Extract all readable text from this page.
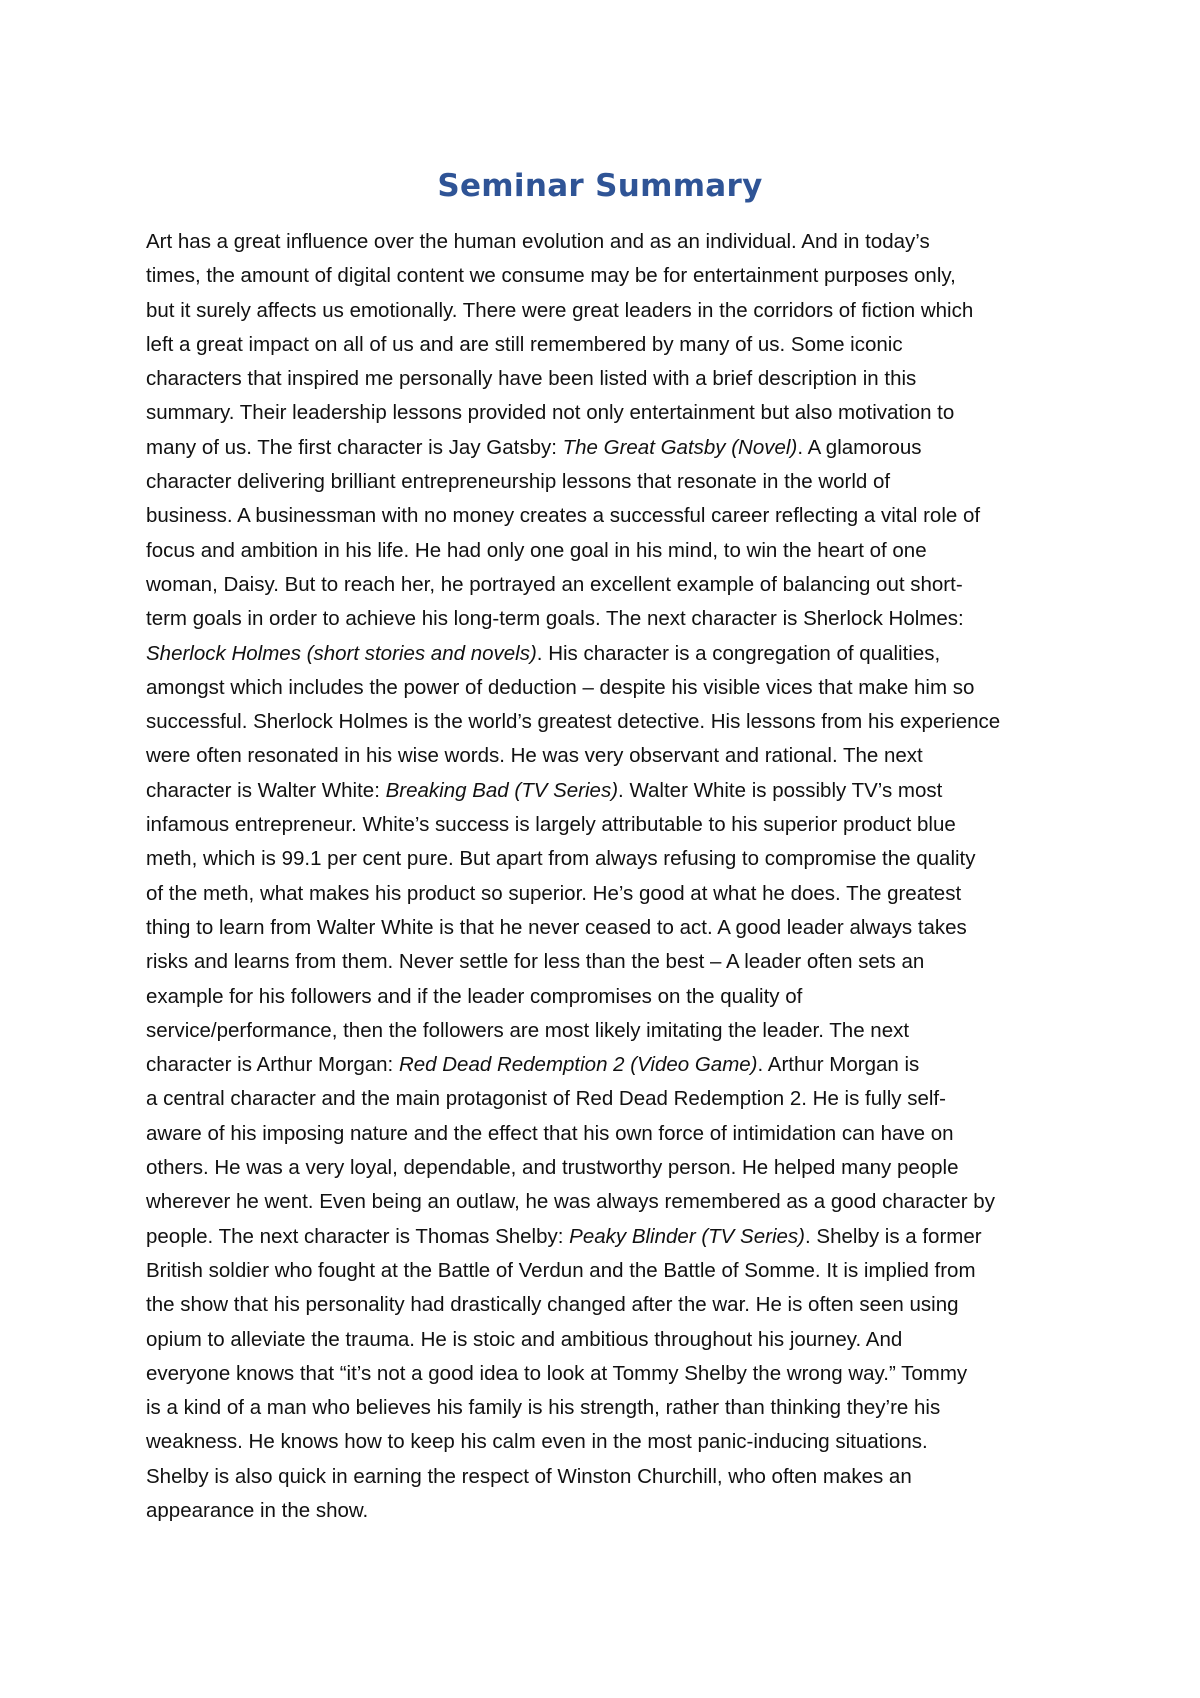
Seminar Summary
Art has a great influence over the human evolution and as an individual. And in today’s
times, the amount of digital content we consume may be for entertainment purposes only,
but it surely affects us emotionally. There were great leaders in the corridors of fiction which
left a great impact on all of us and are still remembered by many of us. Some iconic
characters that inspired me personally have been listed with a brief description in this
summary. Their leadership lessons provided not only entertainment but also motivation to
many of us. The first character is Jay Gatsby: The Great Gatsby (Novel). A glamorous
character delivering brilliant entrepreneurship lessons that resonate in the world of
business. A businessman with no money creates a successful career reflecting a vital role of
focus and ambition in his life. He had only one goal in his mind, to win the heart of one
woman, Daisy. But to reach her, he portrayed an excellent example of balancing out short-
term goals in order to achieve his long-term goals. The next character is Sherlock Holmes:
Sherlock Holmes (short stories and novels). His character is a congregation of qualities,
amongst which includes the power of deduction – despite his visible vices that make him so
successful. Sherlock Holmes is the world’s greatest detective. His lessons from his experience
were often resonated in his wise words. He was very observant and rational. The next
character is Walter White: Breaking Bad (TV Series). Walter White is possibly TV’s most
infamous entrepreneur. White’s success is largely attributable to his superior product blue
meth, which is 99.1 per cent pure. But apart from always refusing to compromise the quality
of the meth, what makes his product so superior. He’s good at what he does. The greatest
thing to learn from Walter White is that he never ceased to act. A good leader always takes
risks and learns from them. Never settle for less than the best – A leader often sets an
example for his followers and if the leader compromises on the quality of
service/performance, then the followers are most likely imitating the leader. The next
character is Arthur Morgan: Red Dead Redemption 2 (Video Game). Arthur Morgan is
a central character and the main protagonist of Red Dead Redemption 2. He is fully self-
aware of his imposing nature and the effect that his own force of intimidation can have on
others. He was a very loyal, dependable, and trustworthy person. He helped many people
wherever he went. Even being an outlaw, he was always remembered as a good character by
people. The next character is Thomas Shelby: Peaky Blinder (TV Series). Shelby is a former
British soldier who fought at the Battle of Verdun and the Battle of Somme. It is implied from
the show that his personality had drastically changed after the war. He is often seen using
opium to alleviate the trauma. He is stoic and ambitious throughout his journey. And
everyone knows that “it’s not a good idea to look at Tommy Shelby the wrong way.” Tommy
is a kind of a man who believes his family is his strength, rather than thinking they’re his
weakness. He knows how to keep his calm even in the most panic-inducing situations.
Shelby is also quick in earning the respect of Winston Churchill, who often makes an
appearance in the show.
